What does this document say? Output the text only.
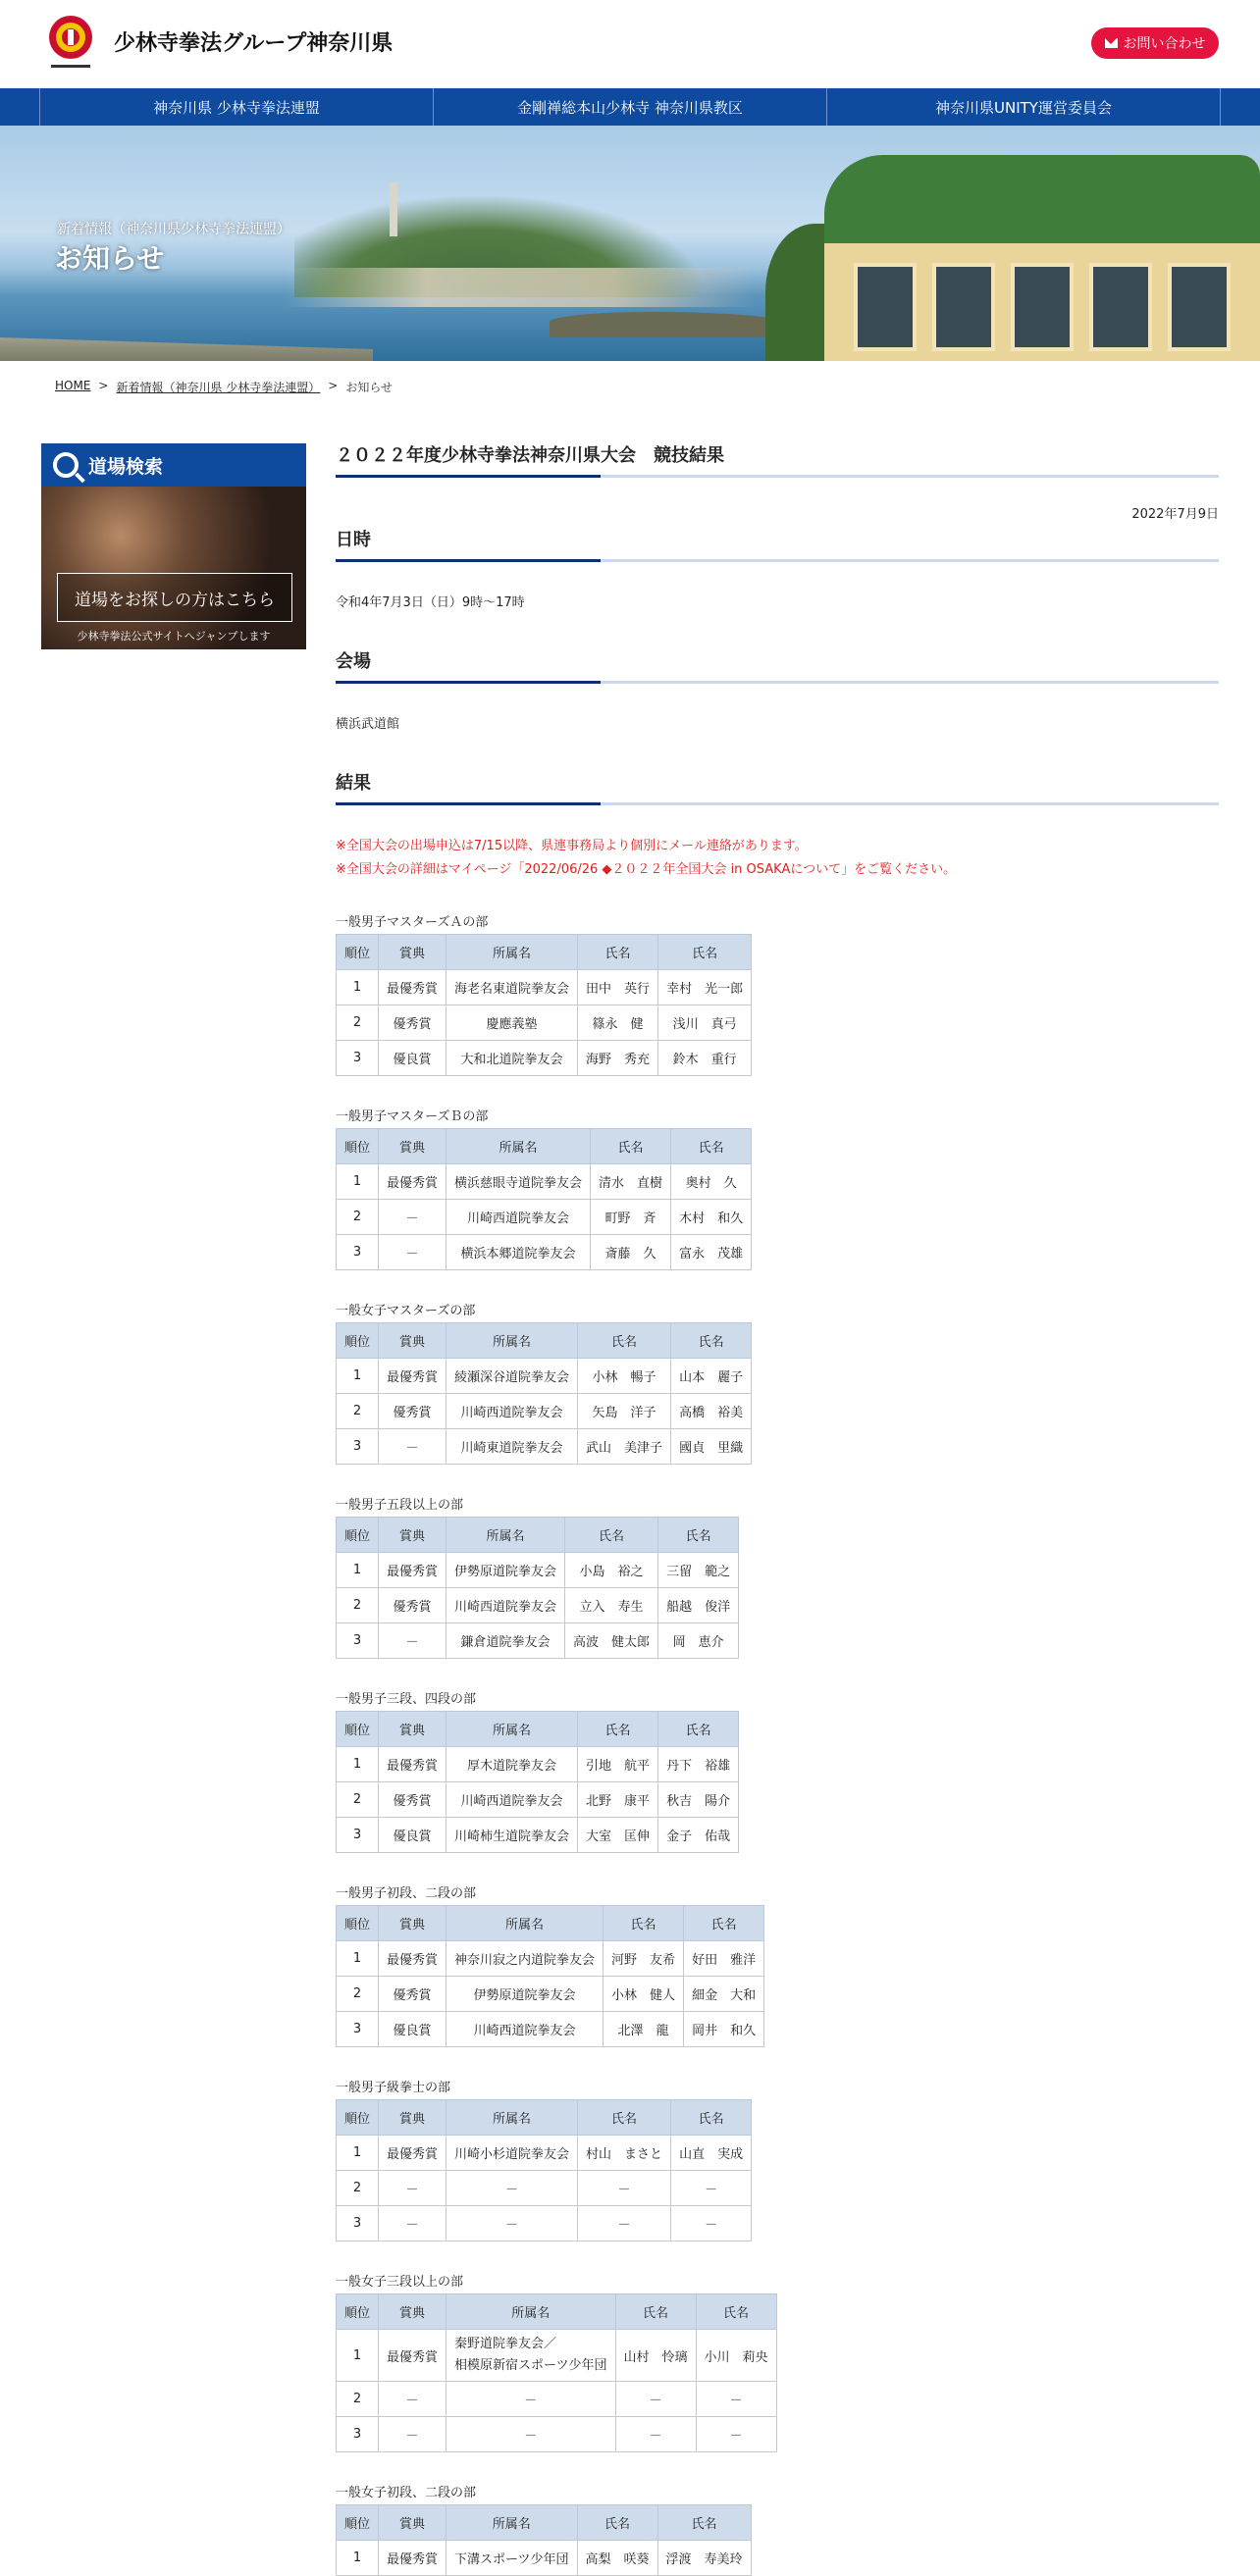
少林寺拳法グループ神奈川県	お問い合わせ
神奈川県 少林寺拳法連盟	金剛禅総本山少林寺 神奈川県教区	神奈川県UNITY運営委員会
新着情報（神奈川県少林寺拳法連盟）
お知らせ
HOME > 新着情報（神奈川県 少林寺拳法連盟） > お知らせ
道場検索
道場をお探しの方はこちら
少林寺拳法公式サイトへジャンプします
２０２２年度少林寺拳法神奈川県大会　競技結果
2022年7月9日
日時
令和4年7月3日（日）9時～17時
会場
横浜武道館
結果
※全国大会の出場申込は7/15以降、県連事務局より個別にメール連絡があります。
※全国大会の詳細はマイページ「2022/06/26 ◆２０２２年全国大会 in OSAKAについて」をご覧ください。
一般男子マスターズＡの部
順位	賞典	所属名	氏名	氏名
1	最優秀賞	海老名東道院拳友会	田中　英行	幸村　光一郎
2	優秀賞	慶應義塾	篠永　健	浅川　真弓
3	優良賞	大和北道院拳友会	海野　秀充	鈴木　重行
一般男子マスターズＢの部
順位	賞典	所属名	氏名	氏名
1	最優秀賞	横浜慈眼寺道院拳友会	清水　直樹	奥村　久
2	－	川崎西道院拳友会	町野　斉	木村　和久
3	－	横浜本郷道院拳友会	斎藤　久	富永　茂雄
一般女子マスターズの部
順位	賞典	所属名	氏名	氏名
1	最優秀賞	綾瀬深谷道院拳友会	小林　暢子	山本　麗子
2	優秀賞	川崎西道院拳友会	矢島　洋子	高橋　裕美
3	－	川崎東道院拳友会	武山　美津子	國貞　里織
一般男子五段以上の部
順位	賞典	所属名	氏名	氏名
1	最優秀賞	伊勢原道院拳友会	小島　裕之	三留　範之
2	優秀賞	川崎西道院拳友会	立入　寿生	船越　俊洋
3	－	鎌倉道院拳友会	高波　健太郎	岡　恵介
一般男子三段、四段の部
順位	賞典	所属名	氏名	氏名
1	最優秀賞	厚木道院拳友会	引地　航平	丹下　裕雄
2	優秀賞	川崎西道院拳友会	北野　康平	秋吉　陽介
3	優良賞	川崎柿生道院拳友会	大室　匡伸	金子　佑哉
一般男子初段、二段の部
順位	賞典	所属名	氏名	氏名
1	最優秀賞	神奈川寂之内道院拳友会	河野　友希	好田　雅洋
2	優秀賞	伊勢原道院拳友会	小林　健人	細金　大和
3	優良賞	川崎西道院拳友会	北澤　龍	岡井　和久
一般男子級拳士の部
順位	賞典	所属名	氏名	氏名
1	最優秀賞	川崎小杉道院拳友会	村山　まさと	山直　実成
2	－	－	－	－
3	－	－	－	－
一般女子三段以上の部
順位	賞典	所属名	氏名	氏名
1	最優秀賞	秦野道院拳友会／
相模原新宿スポーツ少年団	山村　怜璃	小川　莉央
2	－	－	－	－
3	－	－	－	－
一般女子初段、二段の部
順位	賞典	所属名	氏名	氏名
1	最優秀賞	下溝スポーツ少年団	高梨　咲葵	浮渡　寿美玲
